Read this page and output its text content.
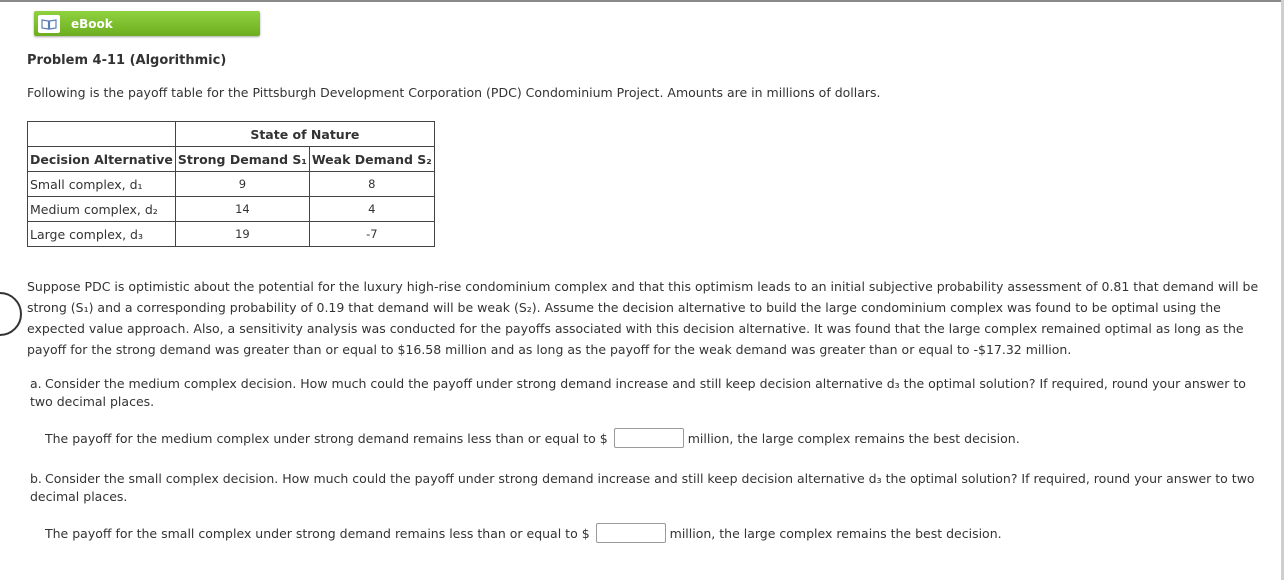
eBook
Problem 4-11 (Algorithmic)
Following is the payoff table for the Pittsburgh Development Corporation (PDC) Condominium Project. Amounts are in millions of dollars.
	State of Nature	
Decision Alternative	Strong Demand S₁	Weak Demand S₂
Small complex, d₁	9	8
Medium complex, d₂	14	4
Large complex, d₃	19	-7
Suppose PDC is optimistic about the potential for the luxury high-rise condominium complex and that this optimism leads to an initial subjective probability assessment of 0.81 that demand will be strong (S₁) and a corresponding probability of 0.19 that demand will be weak (S₂). Assume the decision alternative to build the large condominium complex was found to be optimal using the expected value approach. Also, a sensitivity analysis was conducted for the payoffs associated with this decision alternative. It was found that the large complex remained optimal as long as the payoff for the strong demand was greater than or equal to $16.58 million and as long as the payoff for the weak demand was greater than or equal to -$17.32 million.
a. Consider the medium complex decision. How much could the payoff under strong demand increase and still keep decision alternative d₃ the optimal solution? If required, round your answer to two decimal places.
The payoff for the medium complex under strong demand remains less than or equal to $	million, the large complex remains the best decision.
b. Consider the small complex decision. How much could the payoff under strong demand increase and still keep decision alternative d₃ the optimal solution? If required, round your answer to two decimal places.
The payoff for the small complex under strong demand remains less than or equal to $	million, the large complex remains the best decision.
